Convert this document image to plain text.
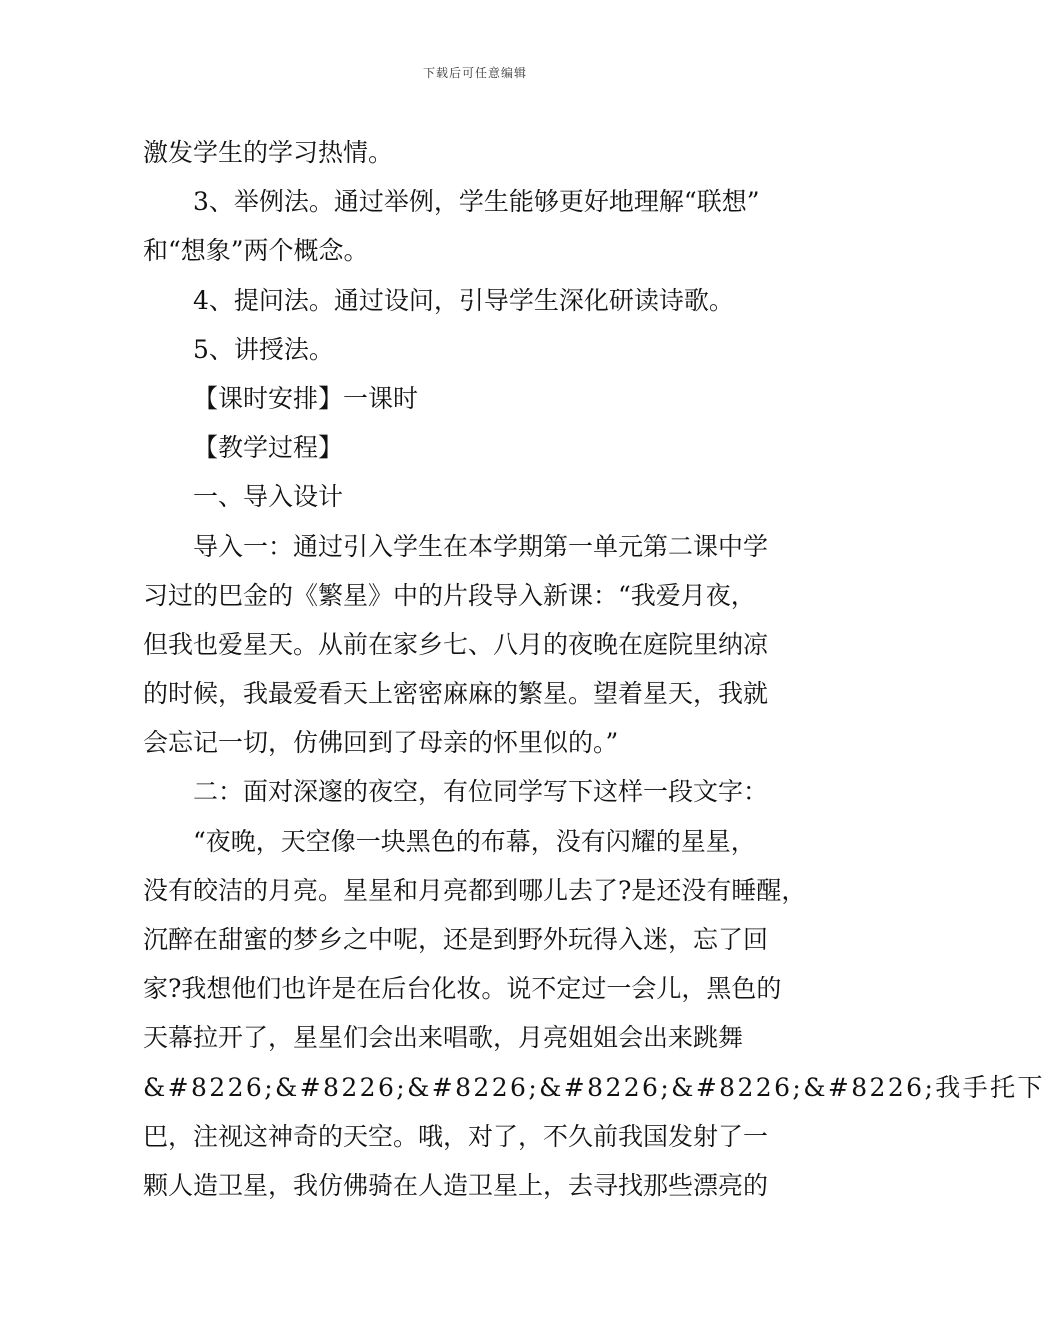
下载后可任意编辑
激发学生的学习热情。
3、举例法。通过举例，学生能够更好地理解“联想”
和“想象”两个概念。
4、提问法。通过设问，引导学生深化研读诗歌。
5、讲授法。
【课时安排】一课时
【教学过程】
一、导入设计
导入一：通过引入学生在本学期第一单元第二课中学
习过的巴金的《繁星》中的片段导入新课：“我爱月夜，
但我也爱星天。从前在家乡七、八月的夜晚在庭院里纳凉
的时候，我最爱看天上密密麻麻的繁星。望着星天，我就
会忘记一切，仿佛回到了母亲的怀里似的。”
二：面对深邃的夜空，有位同学写下这样一段文字：
“夜晚，天空像一块黑色的布幕，没有闪耀的星星，
没有皎洁的月亮。星星和月亮都到哪儿去了?是还没有睡醒，
沉醉在甜蜜的梦乡之中呢，还是到野外玩得入迷，忘了回
家?我想他们也许是在后台化妆。说不定过一会儿，黑色的
天幕拉开了，星星们会出来唱歌，月亮姐姐会出来跳舞
&#8226;&#8226;&#8226;&#8226;&#8226;&#8226;我手托下
巴，注视这神奇的天空。哦，对了，不久前我国发射了一
颗人造卫星，我仿佛骑在人造卫星上，去寻找那些漂亮的
